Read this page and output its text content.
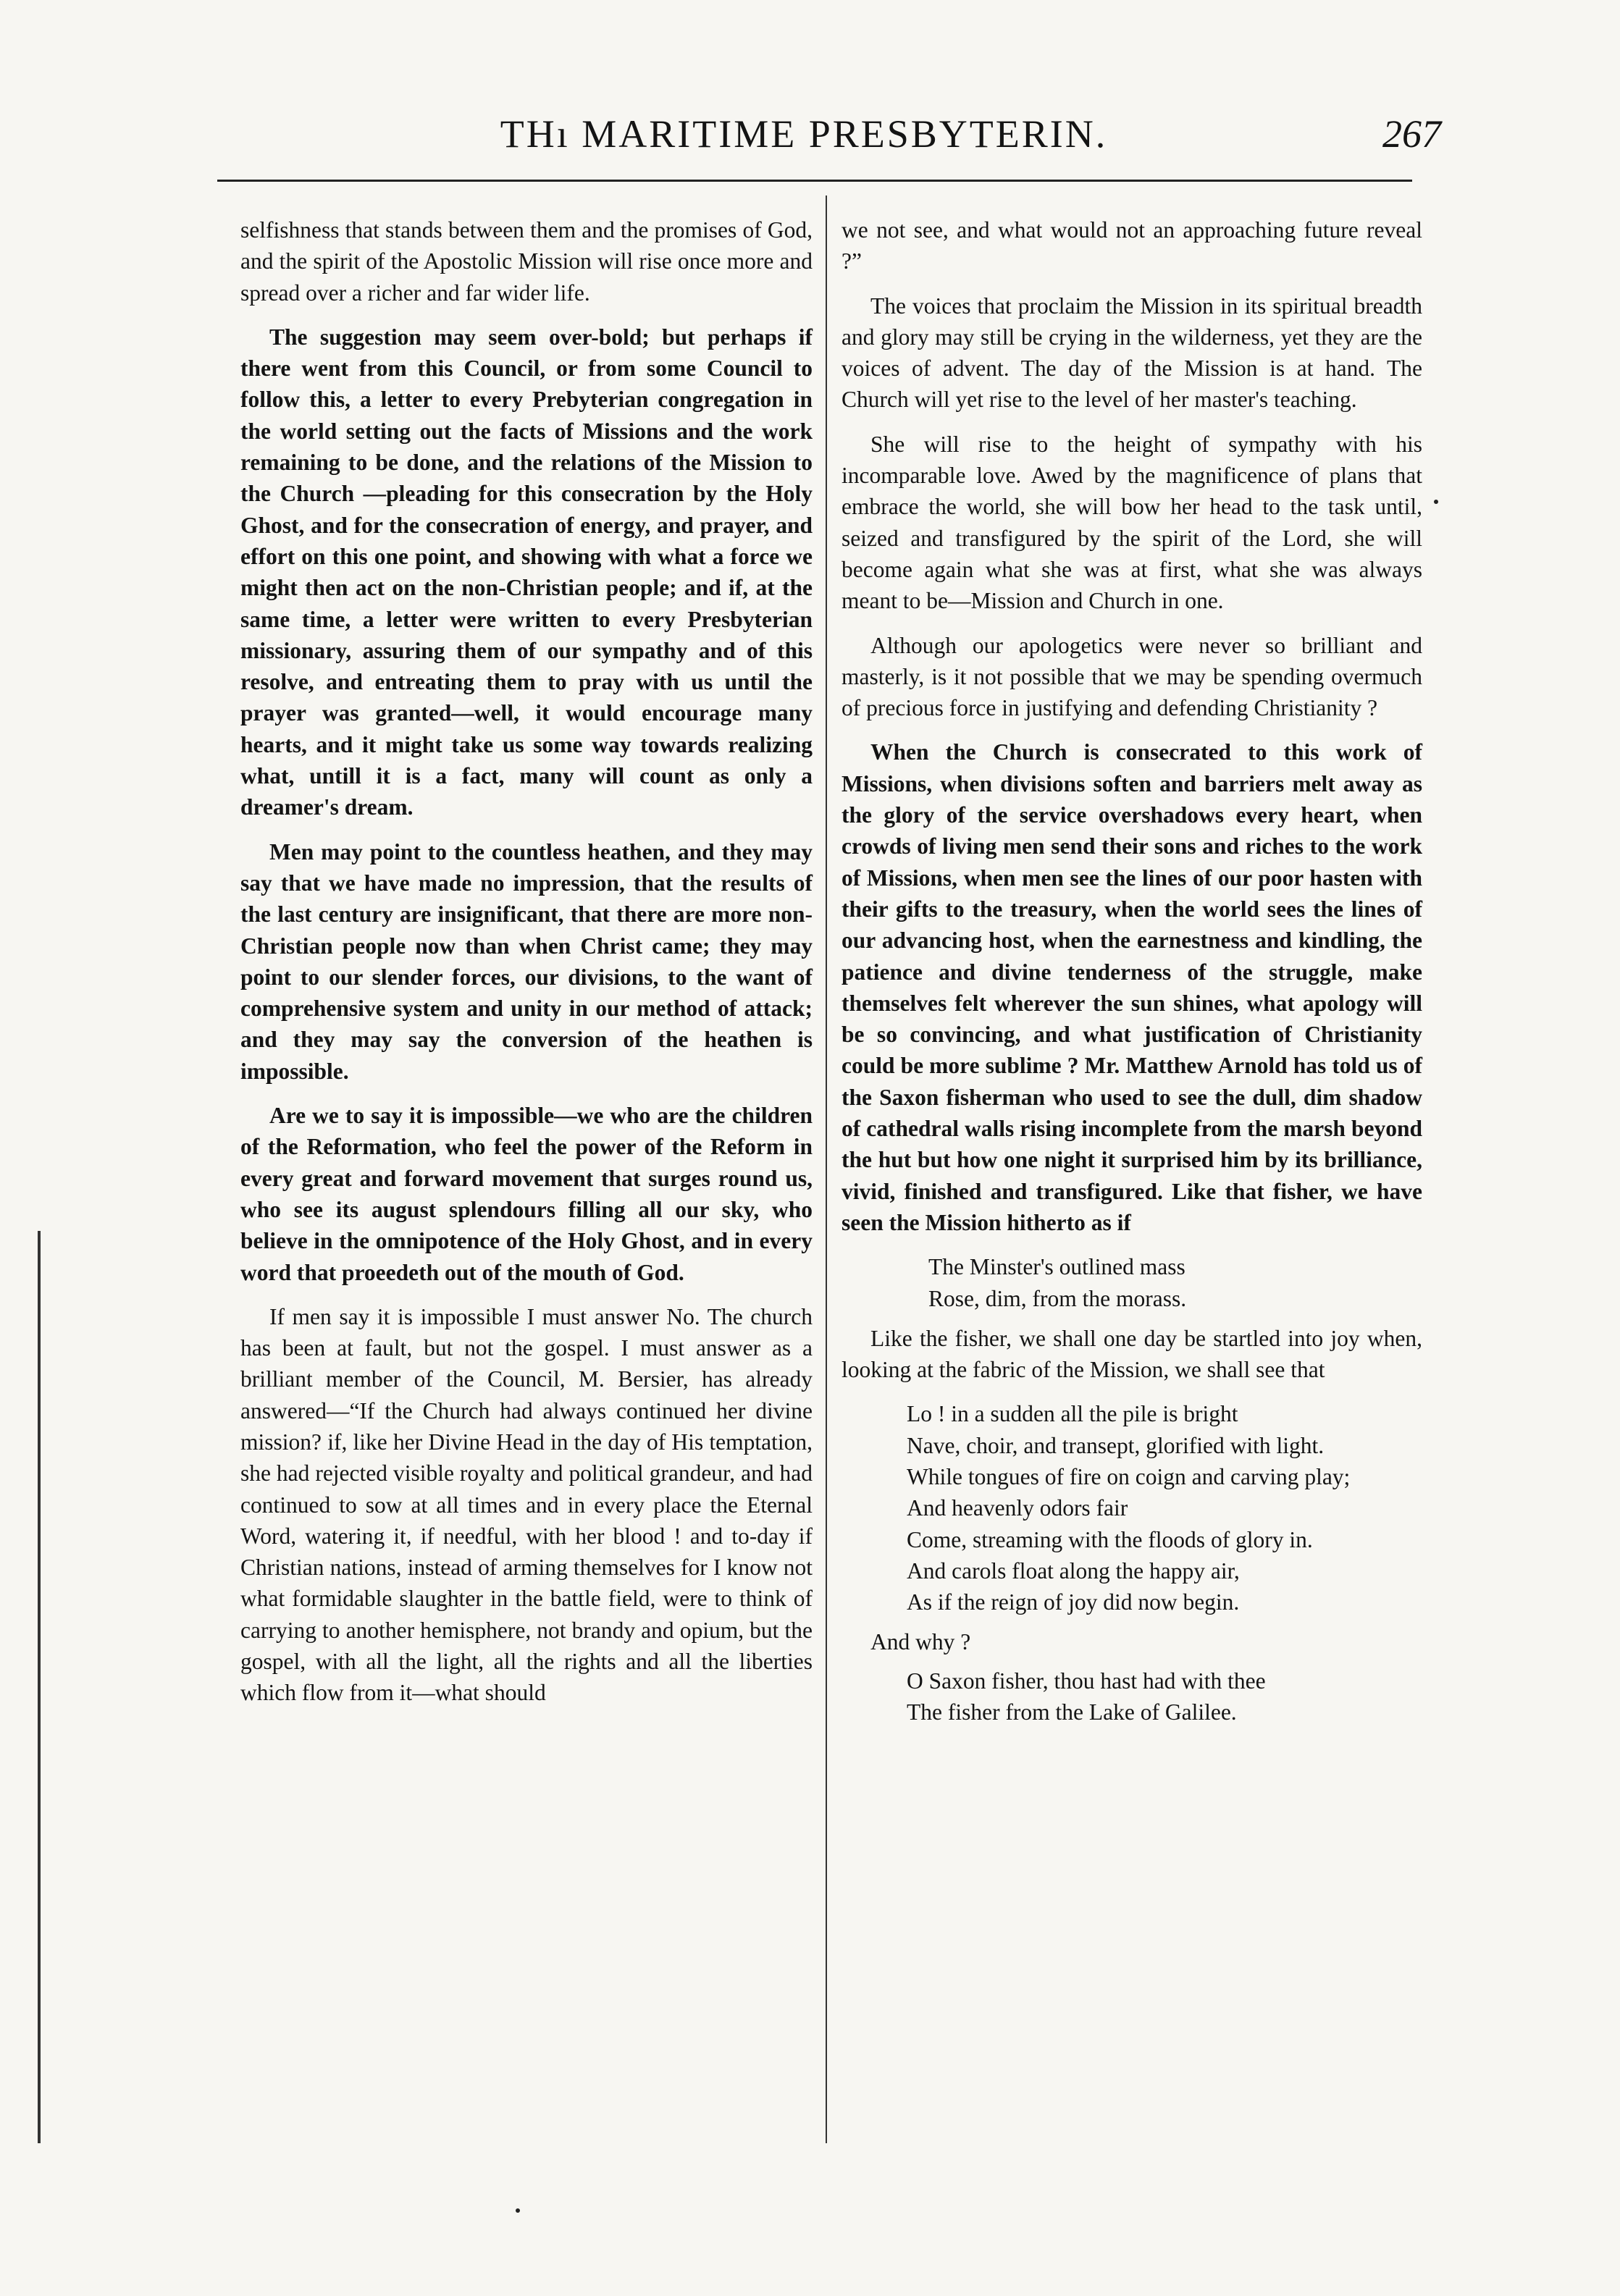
THı MARITIME PRESBYTERIN.	267

selfishness that stands between them and the promises of God, and the spirit of the Apostolic Mission will rise once more and spread over a richer and far wider life.

The suggestion may seem over-bold; but perhaps if there went from this Council, or from some Council to follow this, a letter to every Prebyterian congregation in the world setting out the facts of Missions and the work remaining to be done, and the relations of the Mission to the Church —pleading for this consecration by the Holy Ghost, and for the consecration of energy, and prayer, and effort on this one point, and showing with what a force we might then act on the non-Christian people; and if, at the same time, a letter were written to every Presbyterian missionary, assuring them of our sympathy and of this resolve, and entreating them to pray with us until the prayer was granted—well, it would encourage many hearts, and it might take us some way towards realizing what, untill it is a fact, many will count as only a dreamer's dream.

Men may point to the countless heathen, and they may say that we have made no impression, that the results of the last century are insignificant, that there are more non-Christian people now than when Christ came; they may point to our slender forces, our divisions, to the want of comprehensive system and unity in our method of attack; and they may say the conversion of the heathen is impossible.

Are we to say it is impossible—we who are the children of the Reformation, who feel the power of the Reform in every great and forward movement that surges round us, who see its august splendours filling all our sky, who believe in the omnipotence of the Holy Ghost, and in every word that proeedeth out of the mouth of God.

If men say it is impossible I must answer No. The church has been at fault, but not the gospel. I must answer as a brilliant member of the Council, M. Bersier, has already answered—“If the Church had always continued her divine mission? if, like her Divine Head in the day of His temptation, she had rejected visible royalty and political grandeur, and had continued to sow at all times and in every place the Eternal Word, watering it, if needful, with her blood ! and to-day if Christian nations, instead of arming themselves for I know not what formidable slaughter in the battle field, were to think of carrying to another hemisphere, not brandy and opium, but the gospel, with all the light, all the rights and all the liberties which flow from it—what should

we not see, and what would not an approaching future reveal ?”

The voices that proclaim the Mission in its spiritual breadth and glory may still be crying in the wilderness, yet they are the voices of advent. The day of the Mission is at hand. The Church will yet rise to the level of her master's teaching.

She will rise to the height of sympathy with his incomparable love. Awed by the magnificence of plans that embrace the world, she will bow her head to the task until, seized and transfigured by the spirit of the Lord, she will become again what she was at first, what she was always meant to be—Mission and Church in one.

Although our apologetics were never so brilliant and masterly, is it not possible that we may be spending overmuch of precious force in justifying and defending Christianity ?

When the Church is consecrated to this work of Missions, when divisions soften and barriers melt away as the glory of the service overshadows every heart, when crowds of living men send their sons and riches to the work of Missions, when men see the lines of our poor hasten with their gifts to the treasury, when the world sees the lines of our advancing host, when the earnestness and kindling, the patience and divine tenderness of the struggle, make themselves felt wherever the sun shines, what apology will be so convincing, and what justification of Christianity could be more sublime ? Mr. Matthew Arnold has told us of the Saxon fisherman who used to see the dull, dim shadow of cathedral walls rising incomplete from the marsh beyond the hut but how one night it surprised him by its brilliance, vivid, finished and transfigured. Like that fisher, we have seen the Mission hitherto as if

The Minster's outlined mass
Rose, dim, from the morass.

Like the fisher, we shall one day be startled into joy when, looking at the fabric of the Mission, we shall see that

Lo ! in a sudden all the pile is bright
Nave, choir, and transept, glorified with light.
While tongues of fire on coign and carving play;
And heavenly odors fair
Come, streaming with the floods of glory in.
And carols float along the happy air,
As if the reign of joy did now begin.
And why ?
O Saxon fisher, thou hast had with thee
The fisher from the Lake of Galilee.
